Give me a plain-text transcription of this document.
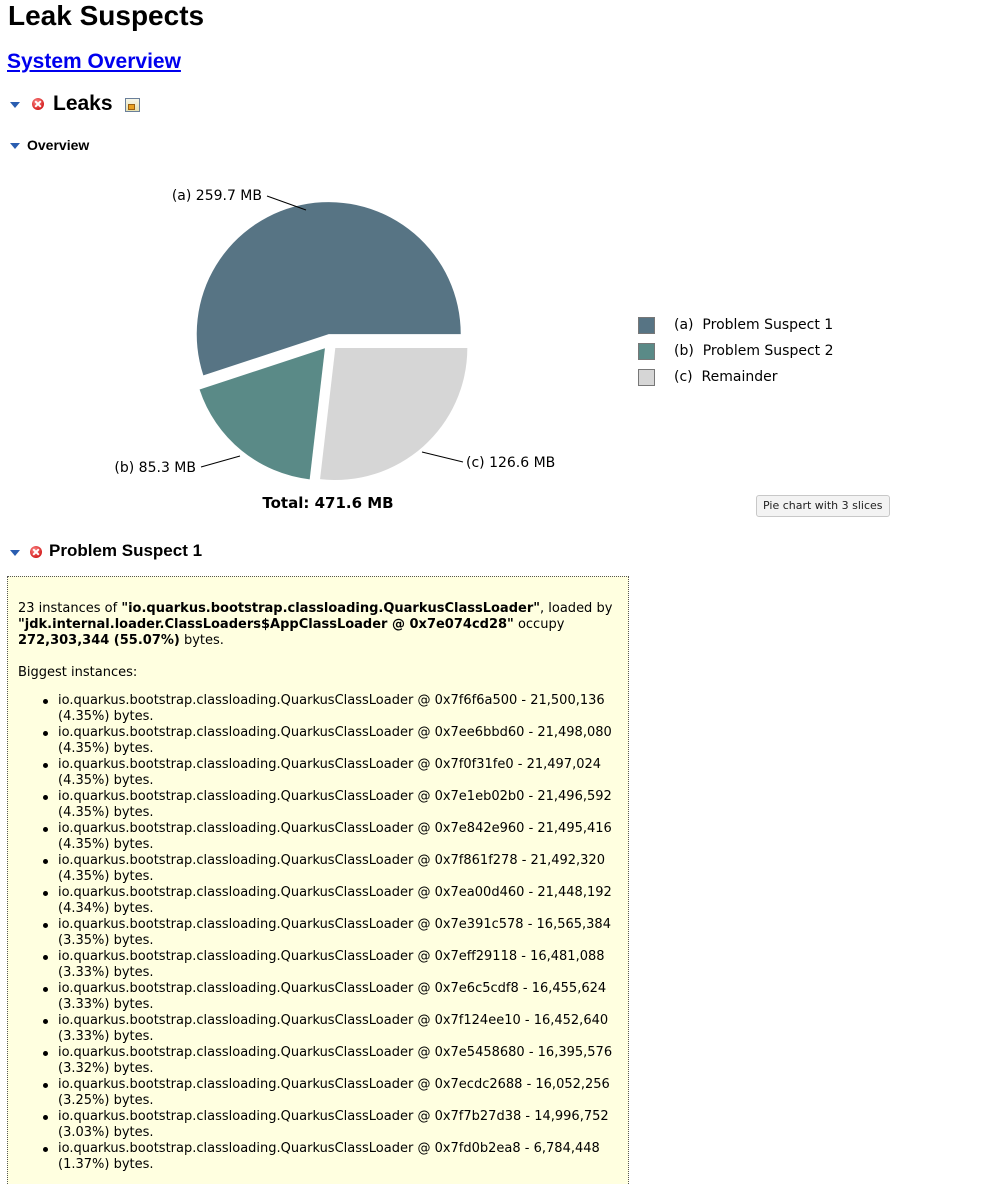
Leak Suspects
System Overview
Leaks
Overview
(a) 259.7 MB
(b) 85.3 MB	(c) 126.6 MB
Total: 471.6 MB
(a) Problem Suspect 1
(b) Problem Suspect 2
(c) Remainder
Pie chart with 3 slices
Problem Suspect 1
23 instances of "io.quarkus.bootstrap.classloading.QuarkusClassLoader", loaded by
"jdk.internal.loader.ClassLoaders$AppClassLoader @ 0x7e074cd28" occupy
272,303,344 (55.07%) bytes.
Biggest instances:
io.quarkus.bootstrap.classloading.QuarkusClassLoader @ 0x7f6f6a500 - 21,500,136
(4.35%) bytes.
io.quarkus.bootstrap.classloading.QuarkusClassLoader @ 0x7ee6bbd60 - 21,498,080
(4.35%) bytes.
io.quarkus.bootstrap.classloading.QuarkusClassLoader @ 0x7f0f31fe0 - 21,497,024
(4.35%) bytes.
io.quarkus.bootstrap.classloading.QuarkusClassLoader @ 0x7e1eb02b0 - 21,496,592
(4.35%) bytes.
io.quarkus.bootstrap.classloading.QuarkusClassLoader @ 0x7e842e960 - 21,495,416
(4.35%) bytes.
io.quarkus.bootstrap.classloading.QuarkusClassLoader @ 0x7f861f278 - 21,492,320
(4.35%) bytes.
io.quarkus.bootstrap.classloading.QuarkusClassLoader @ 0x7ea00d460 - 21,448,192
(4.34%) bytes.
io.quarkus.bootstrap.classloading.QuarkusClassLoader @ 0x7e391c578 - 16,565,384
(3.35%) bytes.
io.quarkus.bootstrap.classloading.QuarkusClassLoader @ 0x7eff29118 - 16,481,088
(3.33%) bytes.
io.quarkus.bootstrap.classloading.QuarkusClassLoader @ 0x7e6c5cdf8 - 16,455,624
(3.33%) bytes.
io.quarkus.bootstrap.classloading.QuarkusClassLoader @ 0x7f124ee10 - 16,452,640
(3.33%) bytes.
io.quarkus.bootstrap.classloading.QuarkusClassLoader @ 0x7e5458680 - 16,395,576
(3.32%) bytes.
io.quarkus.bootstrap.classloading.QuarkusClassLoader @ 0x7ecdc2688 - 16,052,256
(3.25%) bytes.
io.quarkus.bootstrap.classloading.QuarkusClassLoader @ 0x7f7b27d38 - 14,996,752
(3.03%) bytes.
io.quarkus.bootstrap.classloading.QuarkusClassLoader @ 0x7fd0b2ea8 - 6,784,448
(1.37%) bytes.
